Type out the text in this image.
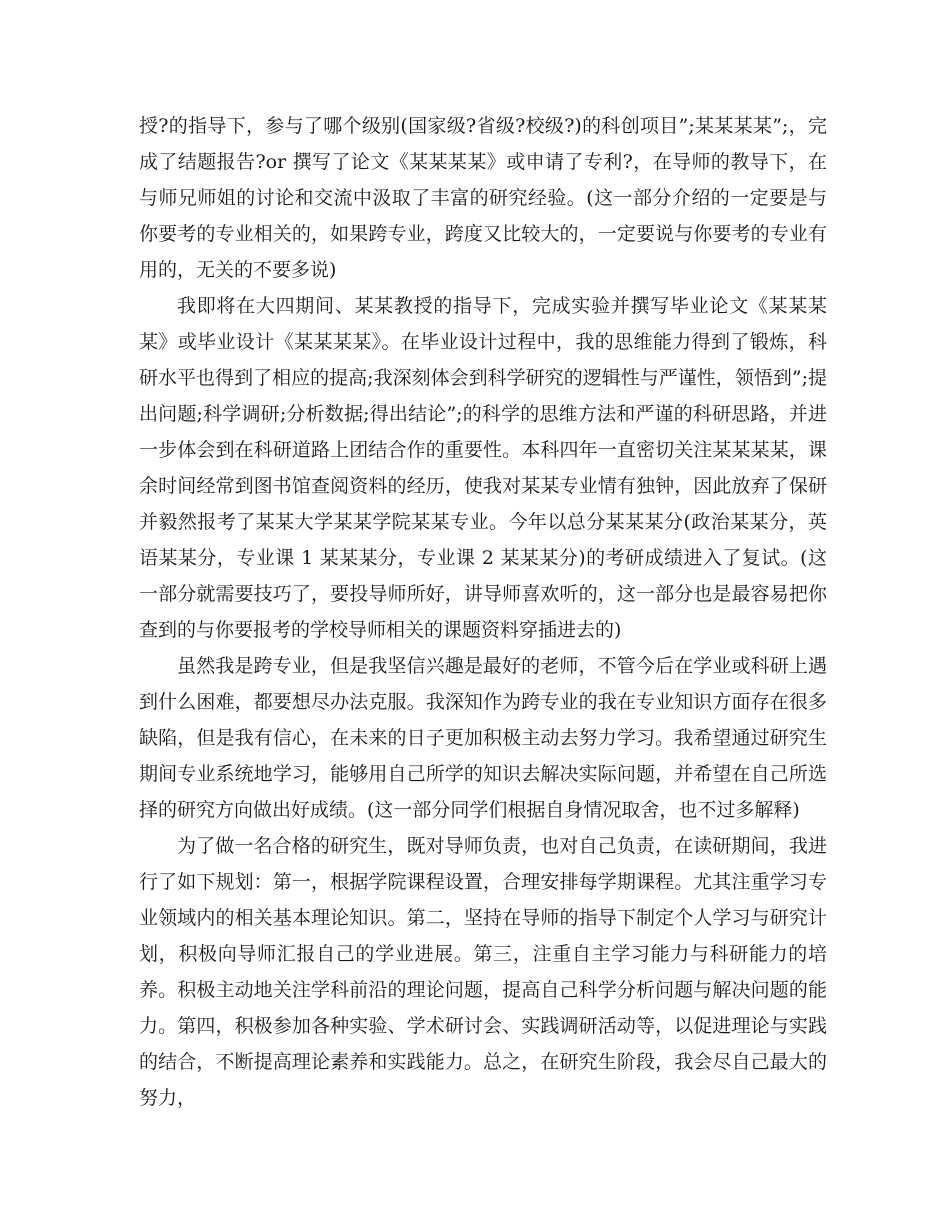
授?的指导下，参与了哪个级别(国家级?省级?校级?)的科创项目”;某某某某”;，完成了结题报告?or 撰写了论文《某某某某》或申请了专利?，在导师的教导下，在与师兄师姐的讨论和交流中汲取了丰富的研究经验。(这一部分介绍的一定要是与你要考的专业相关的，如果跨专业，跨度又比较大的，一定要说与你要考的专业有用的，无关的不要多说)

我即将在大四期间、某某教授的指导下，完成实验并撰写毕业论文《某某某某》或毕业设计《某某某某》。在毕业设计过程中，我的思维能力得到了锻炼，科研水平也得到了相应的提高;我深刻体会到科学研究的逻辑性与严谨性，领悟到”;提出问题;科学调研;分析数据;得出结论”;的科学的思维方法和严谨的科研思路，并进一步体会到在科研道路上团结合作的重要性。本科四年一直密切关注某某某某，课余时间经常到图书馆查阅资料的经历，使我对某某专业情有独钟，因此放弃了保研并毅然报考了某某大学某某学院某某专业。今年以总分某某某分(政治某某分，英语某某分，专业课 1 某某某分，专业课 2 某某某分)的考研成绩进入了复试。(这一部分就需要技巧了，要投导师所好，讲导师喜欢听的，这一部分也是最容易把你查到的与你要报考的学校导师相关的课题资料穿插进去的)

虽然我是跨专业，但是我坚信兴趣是最好的老师，不管今后在学业或科研上遇到什么困难，都要想尽办法克服。我深知作为跨专业的我在专业知识方面存在很多缺陷，但是我有信心，在未来的日子更加积极主动去努力学习。我希望通过研究生期间专业系统地学习，能够用自己所学的知识去解决实际问题，并希望在自己所选择的研究方向做出好成绩。(这一部分同学们根据自身情况取舍，也不过多解释)

为了做一名合格的研究生，既对导师负责，也对自己负责，在读研期间，我进行了如下规划：第一，根据学院课程设置，合理安排每学期课程。尤其注重学习专业领域内的相关基本理论知识。第二，坚持在导师的指导下制定个人学习与研究计划，积极向导师汇报自己的学业进展。第三，注重自主学习能力与科研能力的培养。积极主动地关注学科前沿的理论问题，提高自己科学分析问题与解决问题的能力。第四，积极参加各种实验、学术研讨会、实践调研活动等，以促进理论与实践的结合，不断提高理论素养和实践能力。总之，在研究生阶段，我会尽自己最大的努力，
